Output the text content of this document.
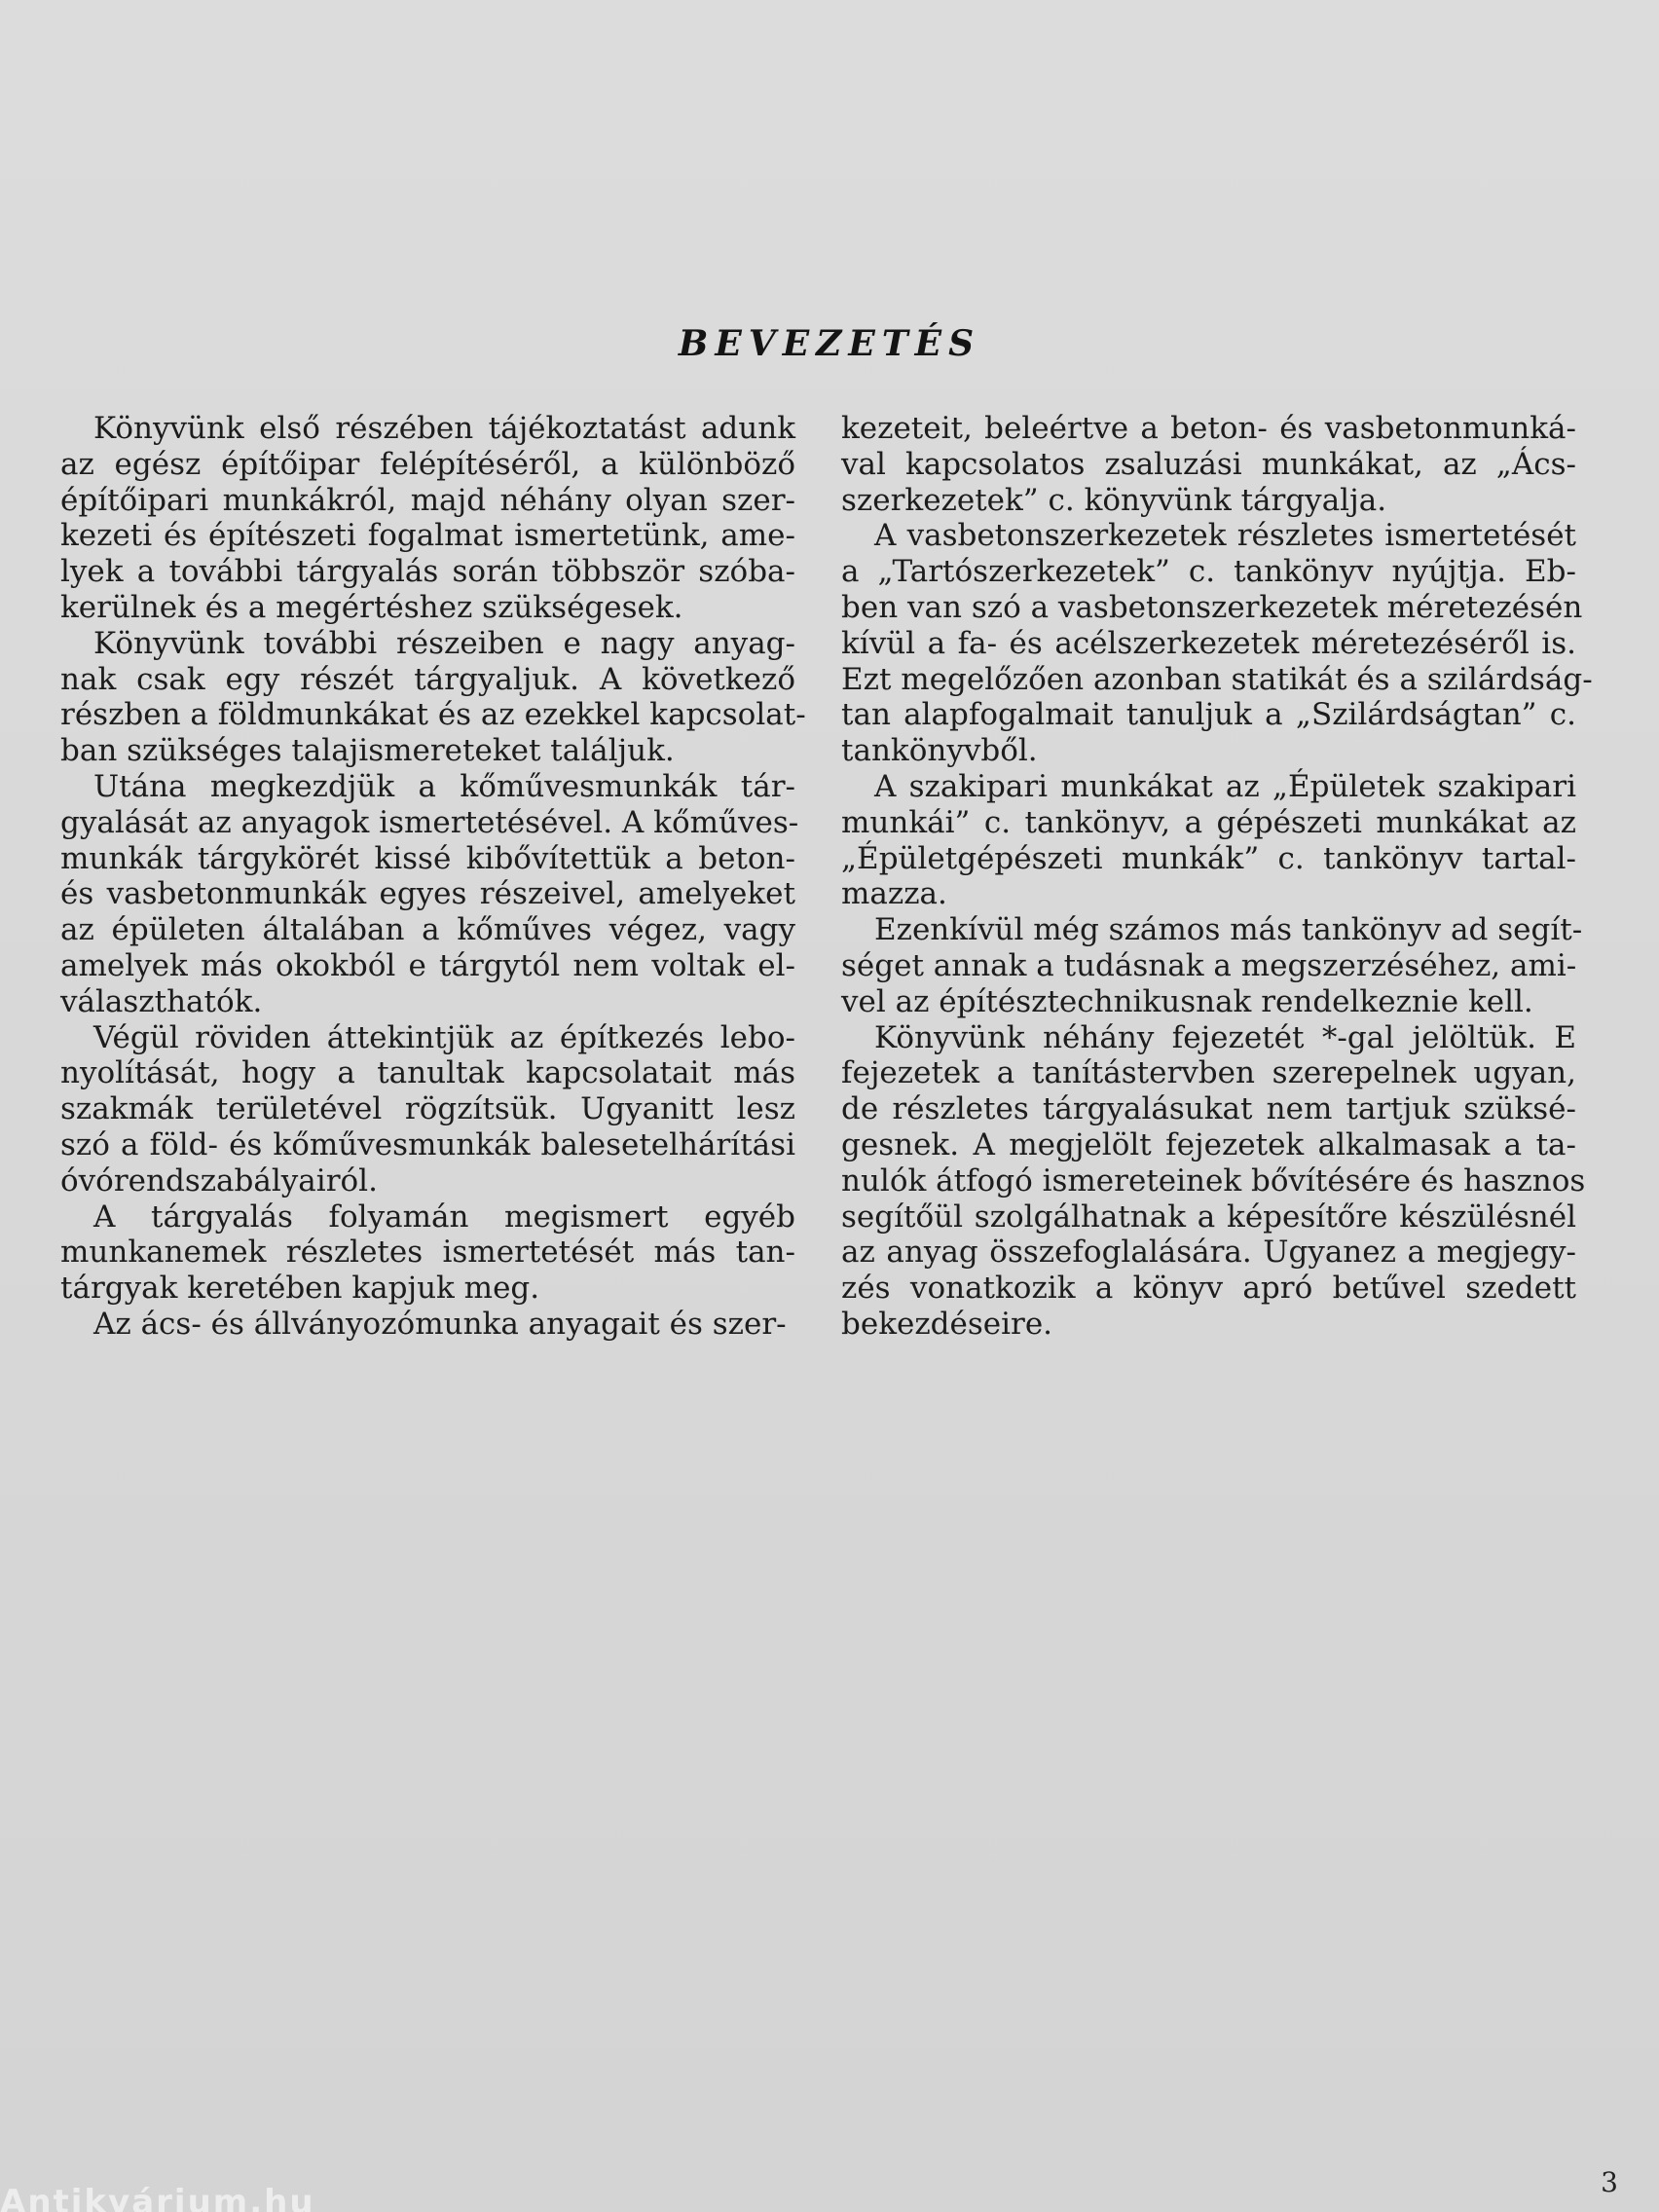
BEVEZETÉS
Könyvünk első részében tájékoztatást adunk
az egész építőipar felépítéséről, a különböző
építőipari munkákról, majd néhány olyan szer-
kezeti és építészeti fogalmat ismertetünk, ame-
lyek a további tárgyalás során többször szóba-
kerülnek és a megértéshez szükségesek.
Könyvünk további részeiben e nagy anyag-
nak csak egy részét tárgyaljuk. A következő
részben a földmunkákat és az ezekkel kapcsolat-
ban szükséges talajismereteket találjuk.
Utána megkezdjük a kőművesmunkák tár-
gyalását az anyagok ismertetésével. A kőműves-
munkák tárgykörét kissé kibővítettük a beton-
és vasbetonmunkák egyes részeivel, amelyeket
az épületen általában a kőműves végez, vagy
amelyek más okokból e tárgytól nem voltak el-
választhatók.
Végül röviden áttekintjük az építkezés lebo-
nyolítását, hogy a tanultak kapcsolatait más
szakmák területével rögzítsük. Ugyanitt lesz
szó a föld- és kőművesmunkák balesetelhárítási
óvórendszabályairól.
A tárgyalás folyamán megismert egyéb
munkanemek részletes ismertetését más tan-
tárgyak keretében kapjuk meg.
Az ács- és állványozómunka anyagait és szer-
kezeteit, beleértve a beton- és vasbetonmunká-
val kapcsolatos zsaluzási munkákat, az „Ács-
szerkezetek” c. könyvünk tárgyalja.
A vasbetonszerkezetek részletes ismertetését
a „Tartószerkezetek” c. tankönyv nyújtja. Eb-
ben van szó a vasbetonszerkezetek méretezésén
kívül a fa- és acélszerkezetek méretezéséről is.
Ezt megelőzően azonban statikát és a szilárdság-
tan alapfogalmait tanuljuk a „Szilárdságtan” c.
tankönyvből.
A szakipari munkákat az „Épületek szakipari
munkái” c. tankönyv, a gépészeti munkákat az
„Épületgépészeti munkák” c. tankönyv tartal-
mazza.
Ezenkívül még számos más tankönyv ad segít-
séget annak a tudásnak a megszerzéséhez, ami-
vel az építésztechnikusnak rendelkeznie kell.
Könyvünk néhány fejezetét *-gal jelöltük. E
fejezetek a tanítástervben szerepelnek ugyan,
de részletes tárgyalásukat nem tartjuk szüksé-
gesnek. A megjelölt fejezetek alkalmasak a ta-
nulók átfogó ismereteinek bővítésére és hasznos
segítőül szolgálhatnak a képesítőre készülésnél
az anyag összefoglalására. Ugyanez a megjegy-
zés vonatkozik a könyv apró betűvel szedett
bekezdéseire.
3
Antikvárium.hu
